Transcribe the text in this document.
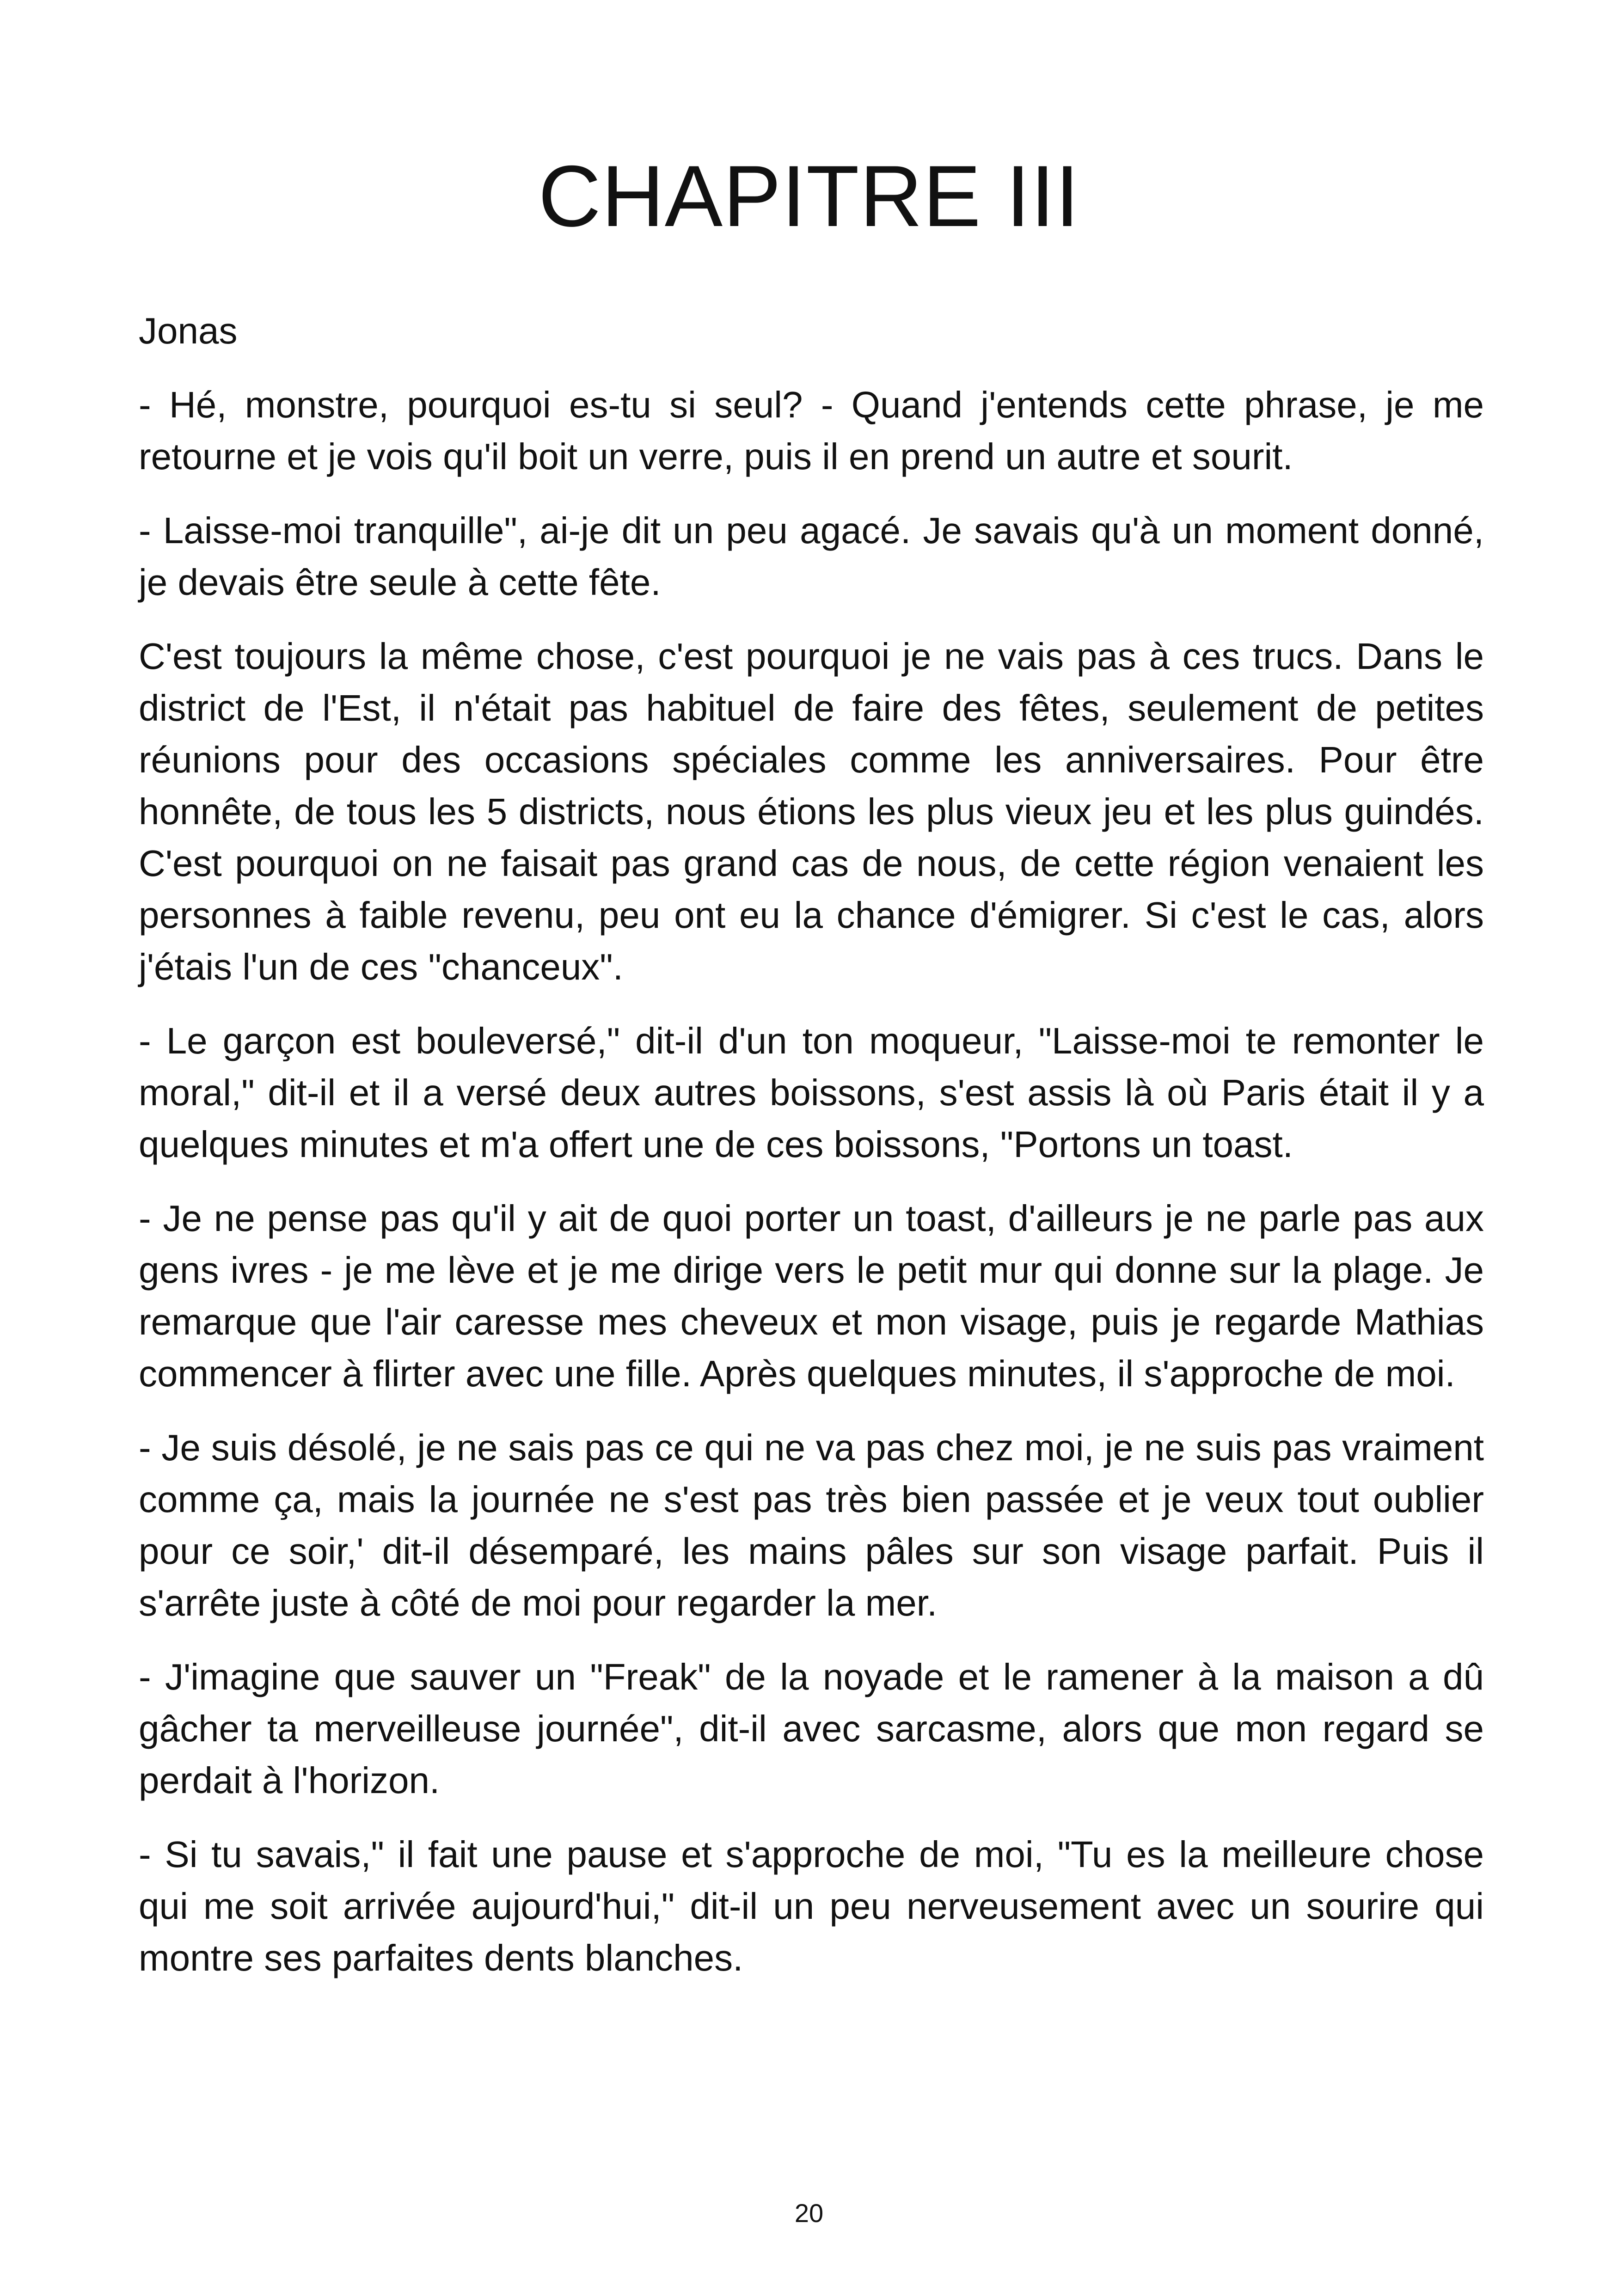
CHAPITRE III

Jonas

- Hé, monstre, pourquoi es-tu si seul? - Quand j'entends cette phrase, je me retourne et je vois qu'il boit un verre, puis il en prend un autre et sourit.

- Laisse-moi tranquille", ai-je dit un peu agacé. Je savais qu'à un moment donné, je devais être seule à cette fête.

C'est toujours la même chose, c'est pourquoi je ne vais pas à ces trucs. Dans le district de l'Est, il n'était pas habituel de faire des fêtes, seulement de petites réunions pour des occasions spéciales comme les anniversaires. Pour être honnête, de tous les 5 districts, nous étions les plus vieux jeu et les plus guindés. C'est pourquoi on ne faisait pas grand cas de nous, de cette région venaient les personnes à faible revenu, peu ont eu la chance d'émigrer. Si c'est le cas, alors j'étais l'un de ces "chanceux".

- Le garçon est bouleversé," dit-il d'un ton moqueur, "Laisse-moi te remonter le moral," dit-il et il a versé deux autres boissons, s'est assis là où Paris était il y a quelques minutes et m'a offert une de ces boissons, "Portons un toast.

- Je ne pense pas qu'il y ait de quoi porter un toast, d'ailleurs je ne parle pas aux gens ivres - je me lève et je me dirige vers le petit mur qui donne sur la plage. Je remarque que l'air caresse mes cheveux et mon visage, puis je regarde Mathias commencer à flirter avec une fille. Après quelques minutes, il s'approche de moi.

- Je suis désolé, je ne sais pas ce qui ne va pas chez moi, je ne suis pas vraiment comme ça, mais la journée ne s'est pas très bien passée et je veux tout oublier pour ce soir,' dit-il désemparé, les mains pâles sur son visage parfait. Puis il s'arrête juste à côté de moi pour regarder la mer.

- J'imagine que sauver un "Freak" de la noyade et le ramener à la maison a dû gâcher ta merveilleuse journée", dit-il avec sarcasme, alors que mon regard se perdait à l'horizon.

- Si tu savais," il fait une pause et s'approche de moi, "Tu es la meilleure chose qui me soit arrivée aujourd'hui," dit-il un peu nerveusement avec un sourire qui montre ses parfaites dents blanches.

20
